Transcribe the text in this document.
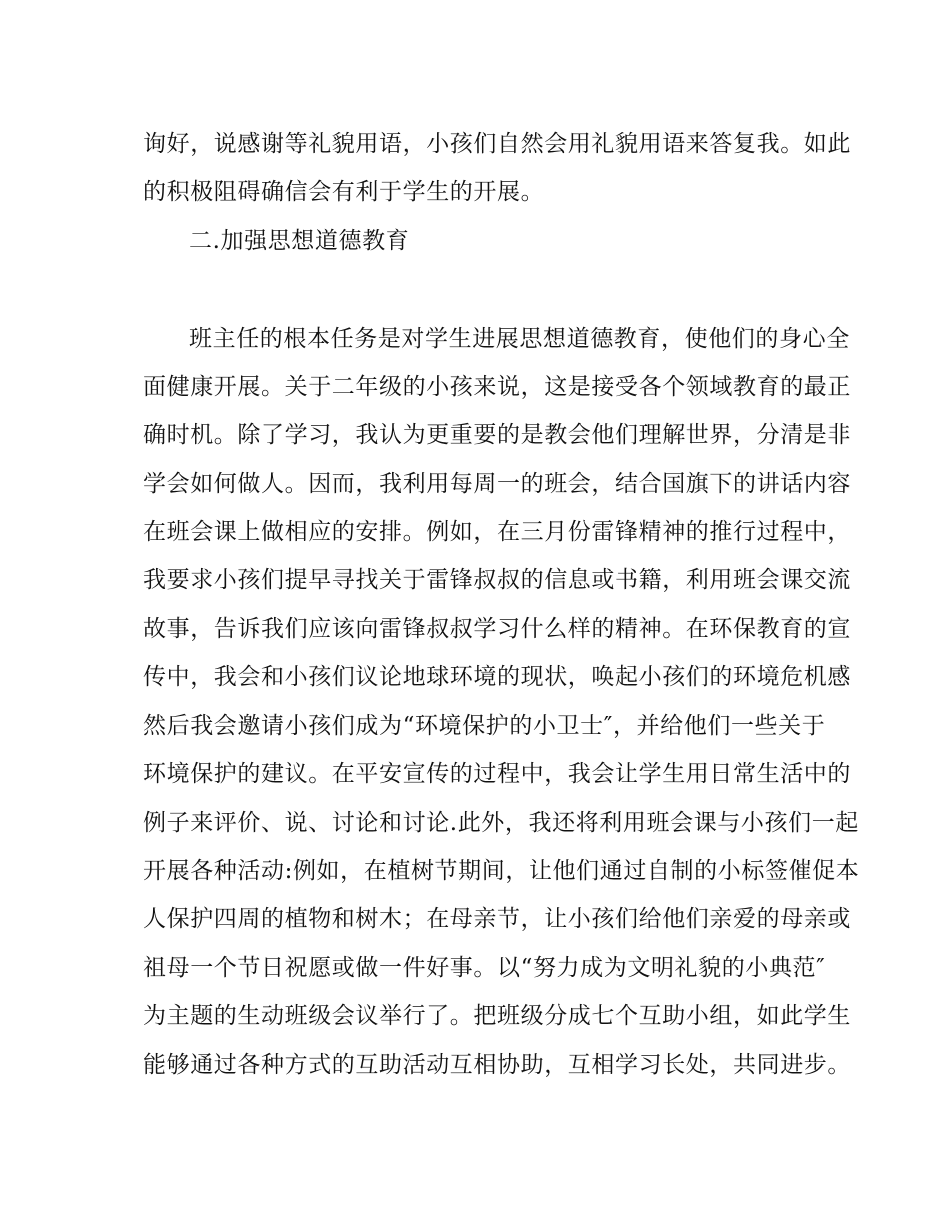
询好，说感谢等礼貌用语，小孩们自然会用礼貌用语来答复我。如此
的积极阻碍确信会有利于学生的开展。
二.加强思想道德教育
班主任的根本任务是对学生进展思想道德教育，使他们的身心全
面健康开展。关于二年级的小孩来说，这是接受各个领域教育的最正
确时机。除了学习，我认为更重要的是教会他们理解世界，分清是非
学会如何做人。因而，我利用每周一的班会，结合国旗下的讲话内容
在班会课上做相应的安排。例如，在三月份雷锋精神的推行过程中，
我要求小孩们提早寻找关于雷锋叔叔的信息或书籍，利用班会课交流
故事，告诉我们应该向雷锋叔叔学习什么样的精神。在环保教育的宣
传中，我会和小孩们议论地球环境的现状，唤起小孩们的环境危机感
然后我会邀请小孩们成为“环境保护的小卫士″，并给他们一些关于
环境保护的建议。在平安宣传的过程中，我会让学生用日常生活中的
例子来评价、说、讨论和讨论.此外，我还将利用班会课与小孩们一起
开展各种活动:例如，在植树节期间，让他们通过自制的小标签催促本
人保护四周的植物和树木；在母亲节，让小孩们给他们亲爱的母亲或
祖母一个节日祝愿或做一件好事。以“努力成为文明礼貌的小典范″
为主题的生动班级会议举行了。把班级分成七个互助小组，如此学生
能够通过各种方式的互助活动互相协助，互相学习长处，共同进步。
